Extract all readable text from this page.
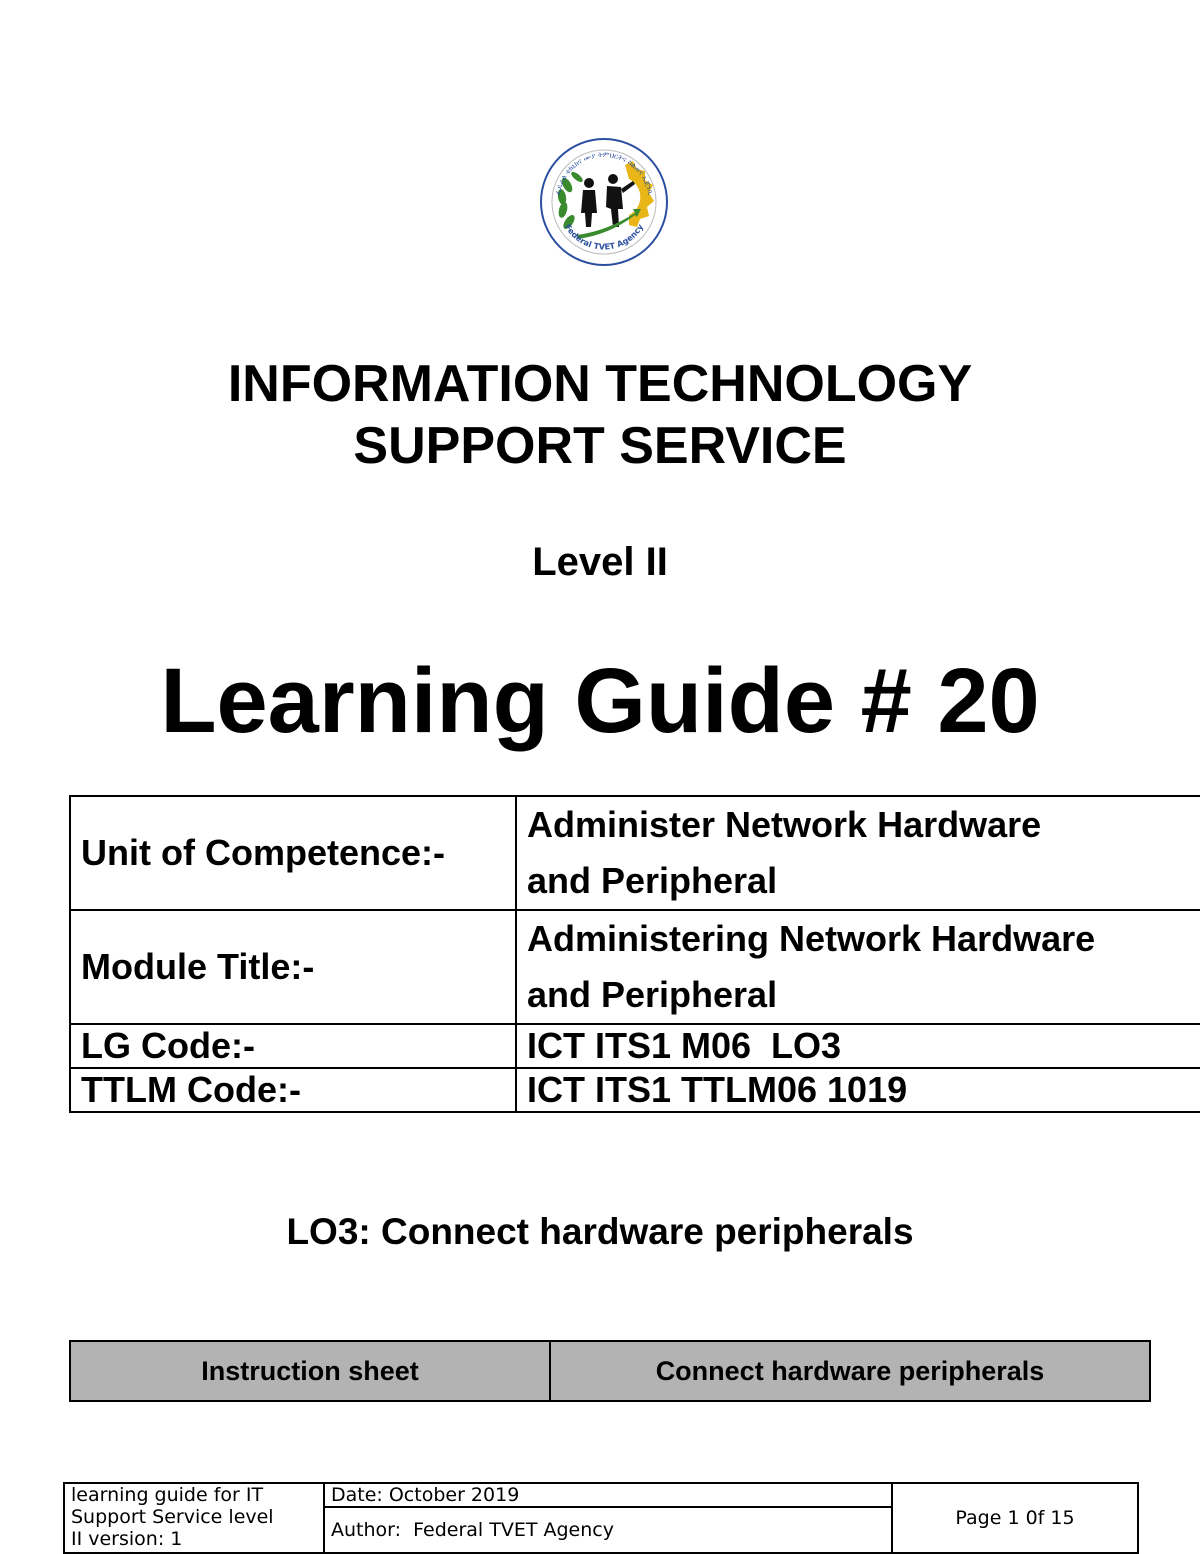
ፌዴራል ቴክኒክና ሙያ ትምህርትና ስልጠና ኤጀንሲ
Federal TVET Agency
INFORMATION TECHNOLOGY
SUPPORT SERVICE
Level II
Learning Guide # 20
Unit of Competence:-	Administer Network Hardware
and Peripheral

Module Title:-	Administering Network Hardware
and Peripheral

LG Code:-	ICT ITS1 M06  LO3
TTLM Code:-	ICT ITS1 TTLM06 1019
LO3: Connect hardware peripherals
Instruction sheet	Connect hardware peripherals
learning guide for IT
Support Service level
II version: 1
	Date: October 2019	Page 1 0f 15
Author:  Federal TVET Agency
